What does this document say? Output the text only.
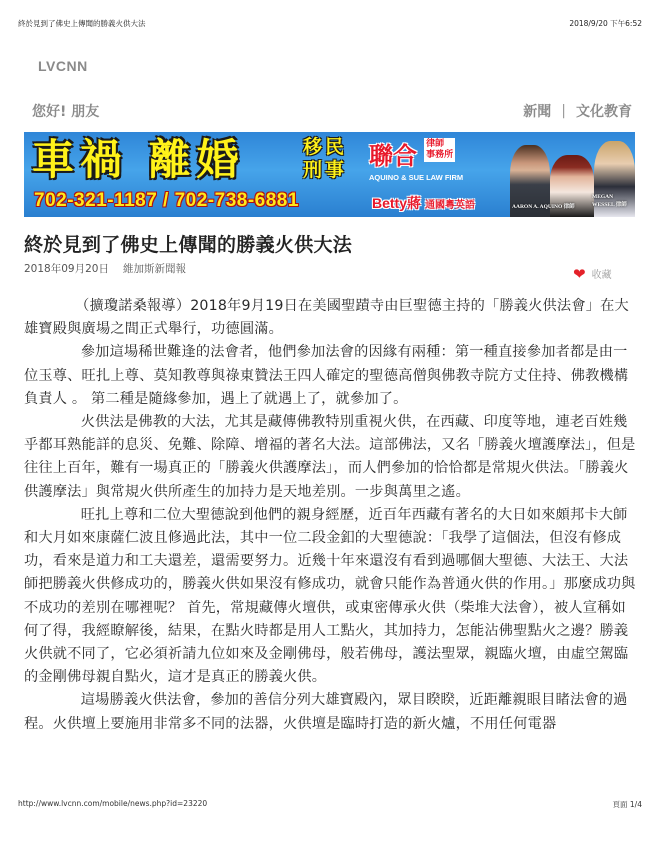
終於見到了佛史上傳聞的勝義火供大法	2018/9/20 下午6:52
LVCNN
您好! 朋友	新聞 | 文化教育
車禍 離婚	移民
刑事
702-321-1187 / 702-738-6881
聯合 律師
事務所
AQUINO & SUE LAW FIRM
Betty蔣 通國粵英語	AARON A. AQUINO 律師
MEGAN WESSEL 律師
終於見到了佛史上傳聞的勝義火供大法
2018年09月20日 維加斯新聞報	❤ 收藏

（擴瓊諾桑報導）2018年9月19日在美國聖蹟寺由巨聖德主持的「勝義火供法會」在大雄寶殿與廣場之間正式舉行，功德圓滿。

參加這場稀世難逢的法會者，他們參加法會的因緣有兩種：第一種直接參加者都是由一位玉尊、旺扎上尊、莫知教尊與祿東贊法王四人確定的聖德高僧與佛教寺院方丈住持、佛教機構負責人 。 第二種是隨緣參加，遇上了就遇上了，就參加了。

火供法是佛教的大法，尤其是藏傳佛教特別重視火供，在西藏、印度等地，連老百姓幾乎都耳熟能詳的息災、免難、除障、增福的著名大法。這部佛法，又名「勝義火壇護摩法」，但是往往上百年，難有一場真正的「勝義火供護摩法」，而人們參加的恰恰都是常規火供法。「勝義火供護摩法」與常規火供所產生的加持力是天地差別。一步與萬里之遙。

旺扎上尊和二位大聖德說到他們的親身經歷，近百年西藏有著名的大日如來頗邦卡大師和大月如來康薩仁波且修過此法，其中一位二段金釦的大聖德說：「我學了這個法，但沒有修成功，看來是道力和工夫還差，還需要努力。近幾十年來還沒有看到過哪個大聖德、大法王、大法師把勝義火供修成功的，勝義火供如果沒有修成功，就會只能作為普通火供的作用。」那麼成功與不成功的差別在哪裡呢？ 首先，常規藏傳火壇供，或東密傳承火供（柴堆大法會），被人宣稱如何了得，我經瞭解後，結果，在點火時都是用人工點火，其加持力，怎能沾佛聖點火之邊？勝義火供就不同了，它必須祈請九位如來及金剛佛母，般若佛母，護法聖眾，親臨火壇，由虛空駕臨的金剛佛母親自點火，這才是真正的勝義火供。

這場勝義火供法會，參加的善信分列大雄寶殿內，眾目睽睽，近距離親眼目睹法會的過程。火供壇上要施用非常多不同的法器，火供壇是臨時打造的新火爐，不用任何電器

http://www.lvcnn.com/mobile/news.php?id=23220	頁面 1/4
